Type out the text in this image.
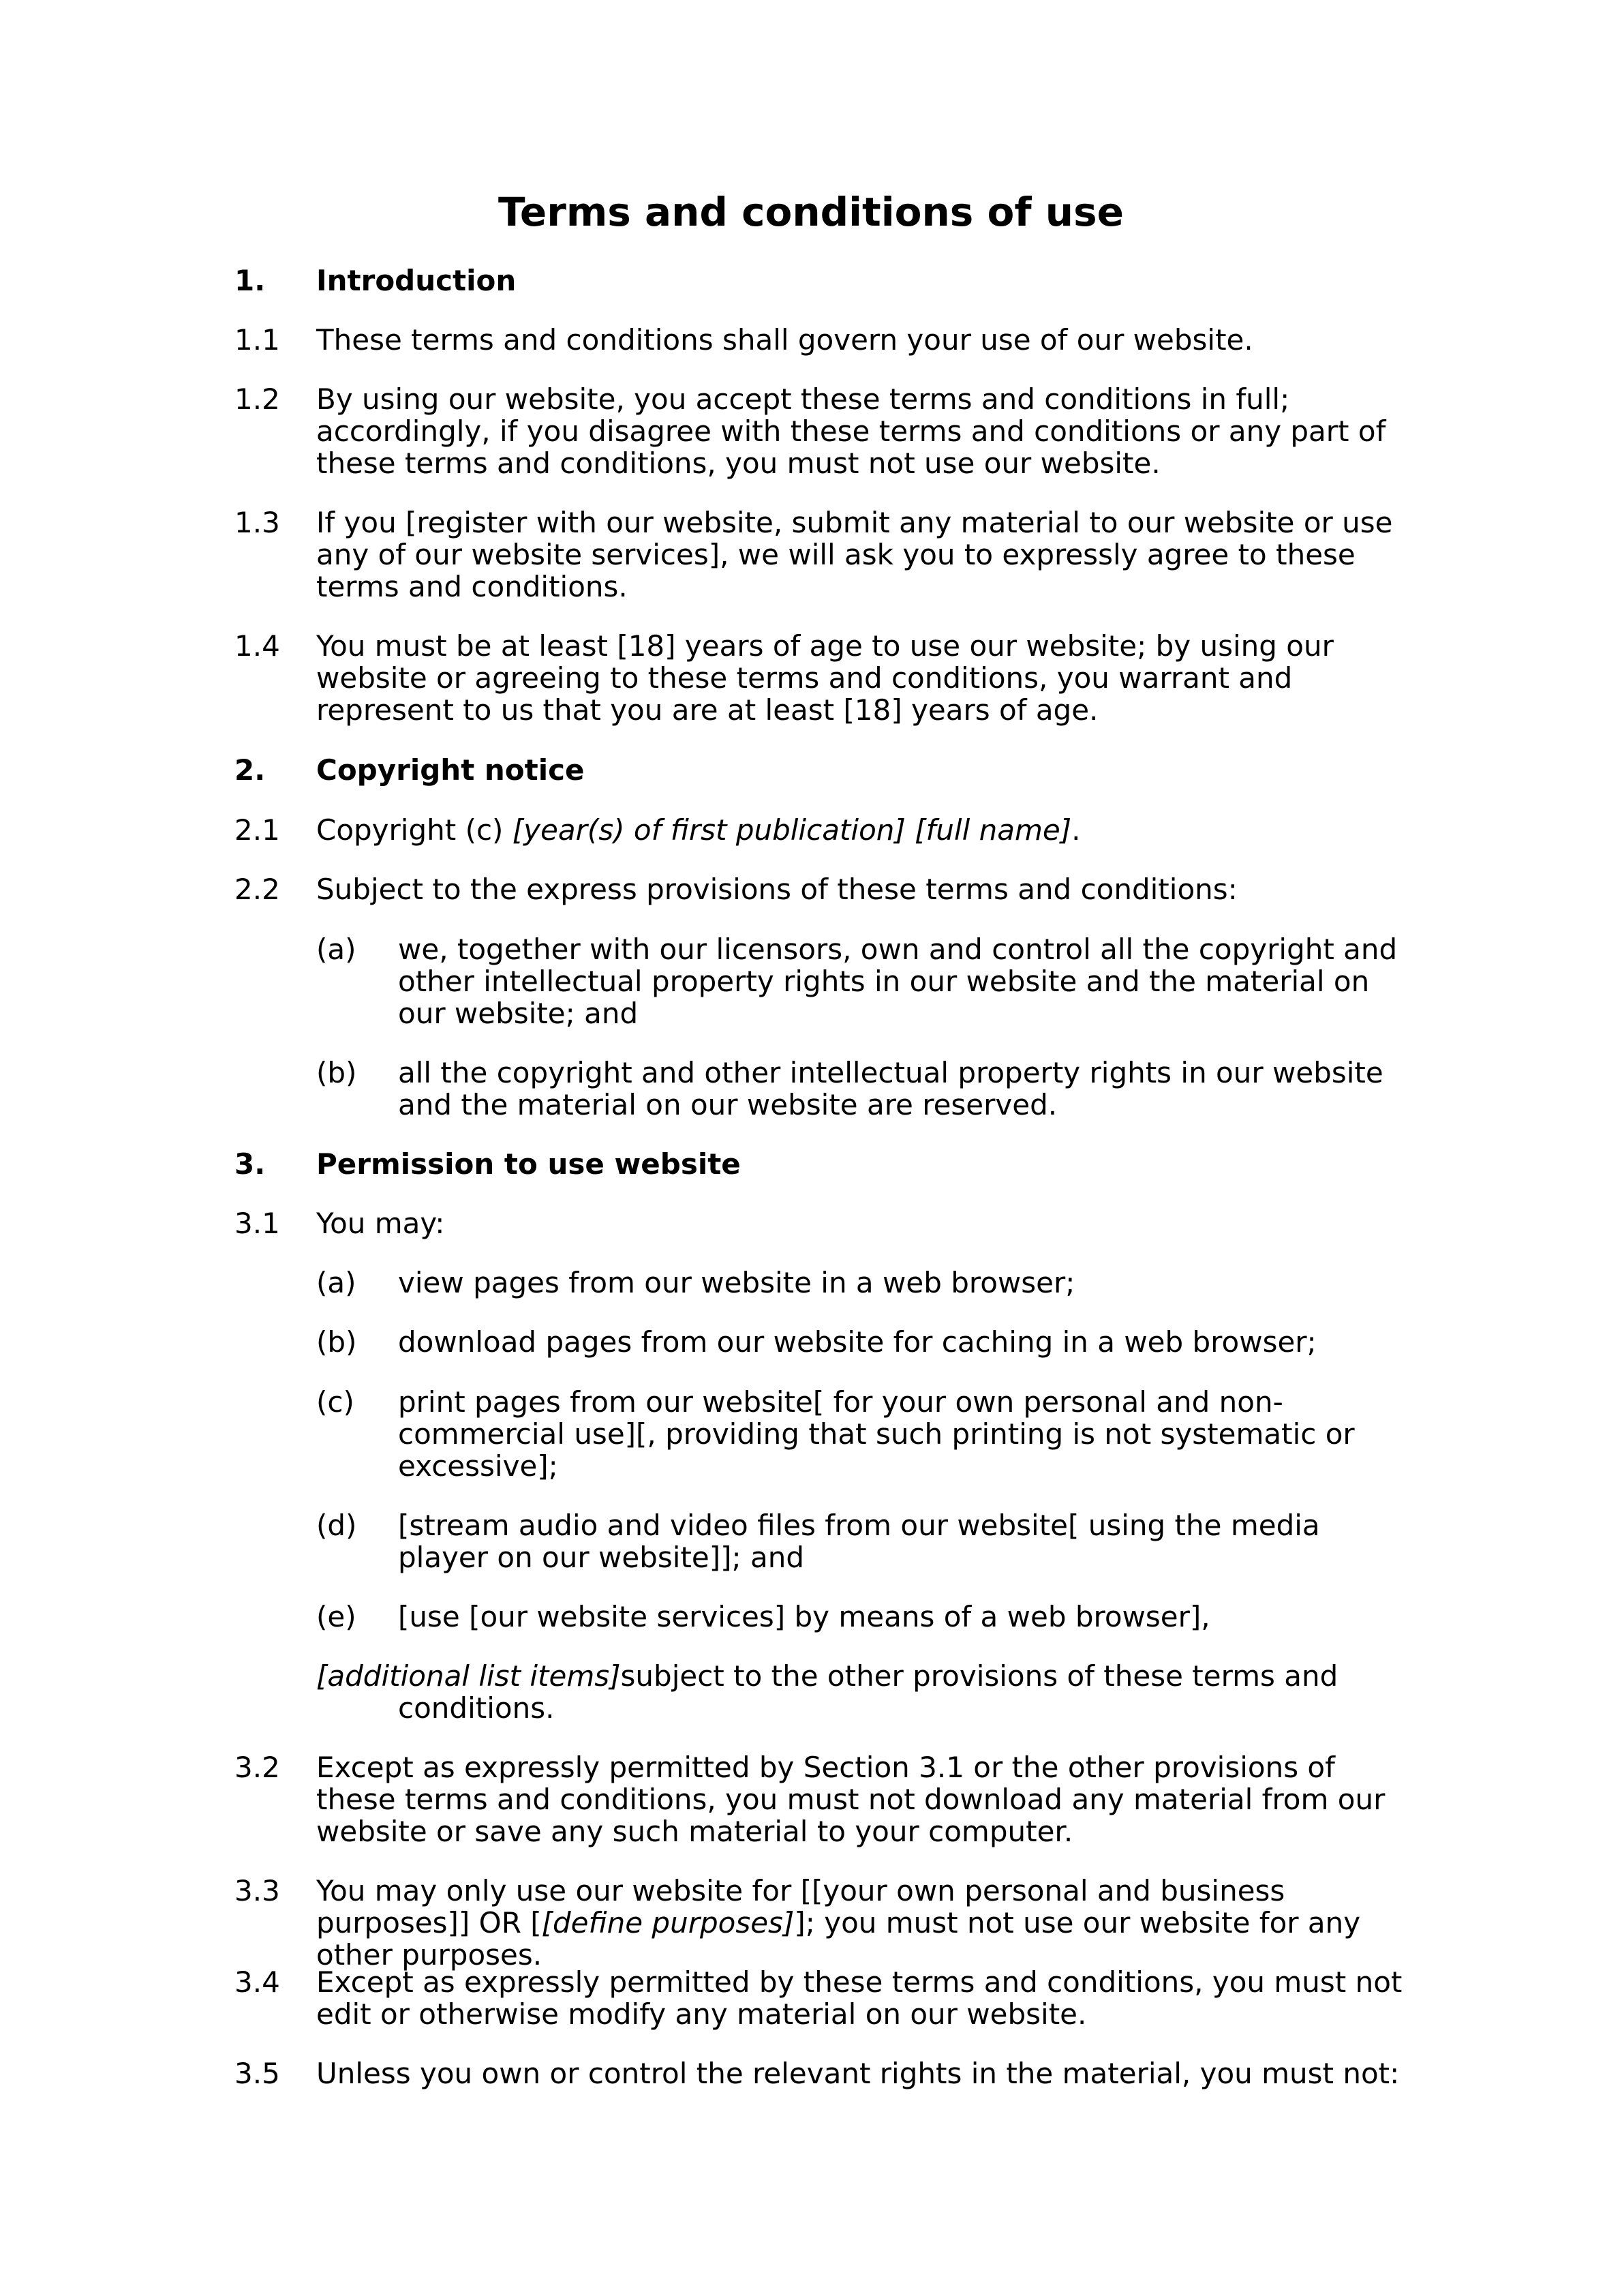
Terms and conditions of use
1. Introduction
1.1 These terms and conditions shall govern your use of our website.
1.2 By using our website, you accept these terms and conditions in full; accordingly, if you disagree with these terms and conditions or any part of these terms and conditions, you must not use our website.
1.3 If you [register with our website, submit any material to our website or use any of our website services], we will ask you to expressly agree to these terms and conditions.
1.4 You must be at least [18] years of age to use our website; by using our website or agreeing to these terms and conditions, you warrant and represent to us that you are at least [18] years of age.
2. Copyright notice
2.1 Copyright (c) [year(s) of first publication] [full name].
2.2 Subject to the express provisions of these terms and conditions:
(a) we, together with our licensors, own and control all the copyright and other intellectual property rights in our website and the material on our website; and
(b) all the copyright and other intellectual property rights in our website and the material on our website are reserved.
3. Permission to use website
3.1 You may:
(a) view pages from our website in a web browser;
(b) download pages from our website for caching in a web browser;
(c) print pages from our website[ for your own personal and non-commercial use][, providing that such printing is not systematic or excessive];
(d) [stream audio and video files from our website[ using the media player on our website]]; and
(e) [use [our website services] by means of a web browser],
[additional list items]subject to the other provisions of these terms and conditions.
3.2 Except as expressly permitted by Section 3.1 or the other provisions of these terms and conditions, you must not download any material from our website or save any such material to your computer.
3.3 You may only use our website for [[your own personal and business purposes]] OR [[define purposes]]; you must not use our website for any other purposes.
3.4 Except as expressly permitted by these terms and conditions, you must not edit or otherwise modify any material on our website.
3.5 Unless you own or control the relevant rights in the material, you must not:
